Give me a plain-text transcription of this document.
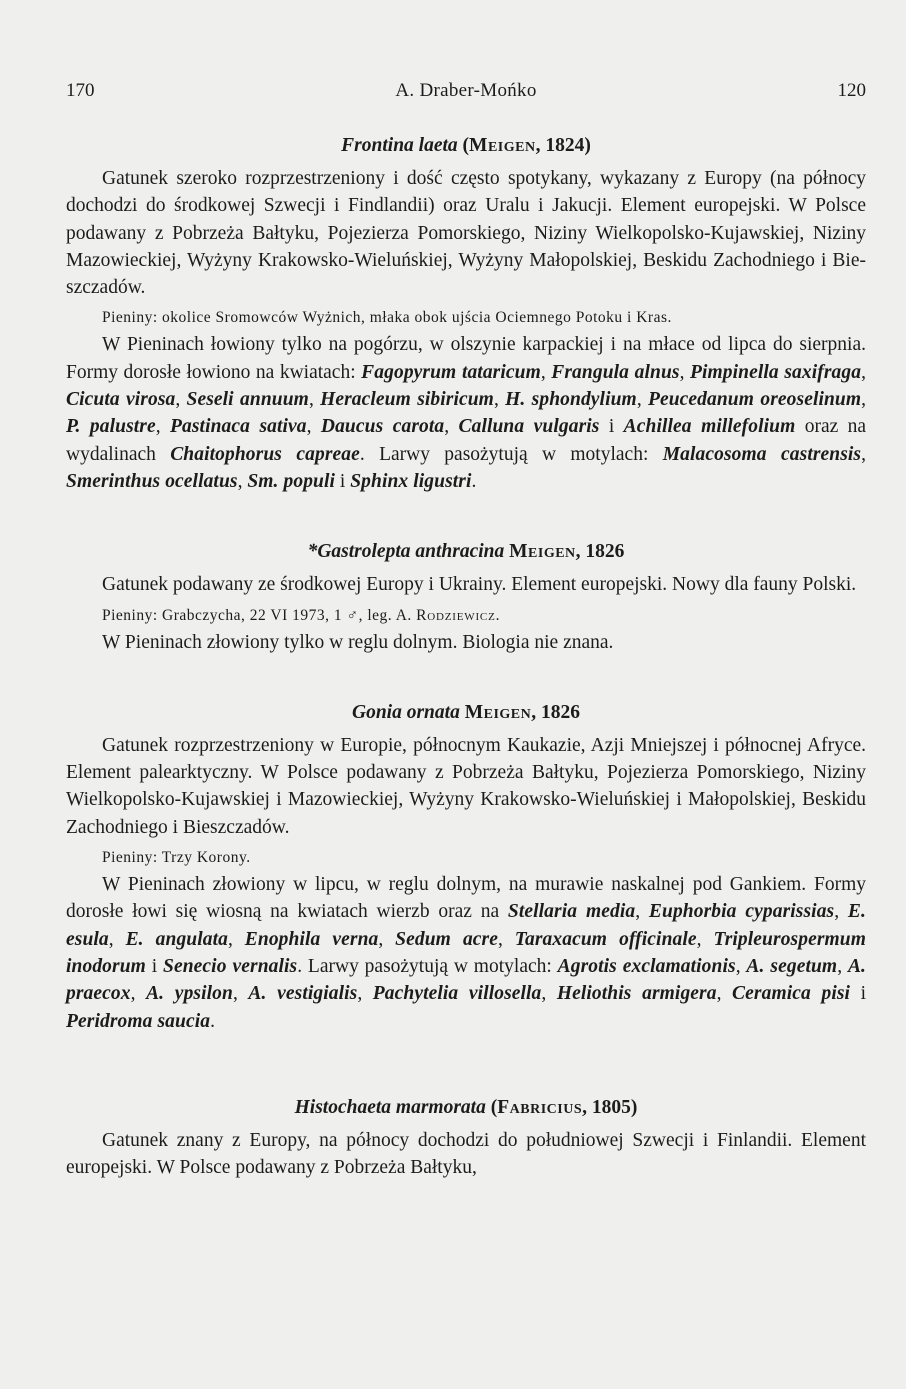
170	A. Draber-Mońko	120
Frontina laeta (Meigen, 1824)

Gatunek szeroko rozprzestrzeniony i dość często spotykany, wykazany z Europy (na północy dochodzi do środkowej Szwecji i Findlandii) oraz Uralu i Jakucji. Element europejski. W Polsce podawany z Pobrzeża Bałtyku, Pojezierza Pomorskiego, Niziny Wielkopolsko-Kujawskiej, Niziny Mazowieckiej, Wyżyny Krakowsko-Wieluńskiej, Wyżyny Małopolskiej, Beskidu Zachodniego i Bieszczadów.

Pieniny: okolice Sromowców Wyżnich, młaka obok ujścia Ociemnego Potoku i Kras.

W Pieninach łowiony tylko na pogórzu, w olszynie karpackiej i na młace od lipca do sierpnia. Formy dorosłe łowiono na kwiatach: Fagopyrum tataricum, Frangula alnus, Pimpinella saxifraga, Cicuta virosa, Seseli annuum, Heracleum sibiricum, H. sphondylium, Peucedanum oreoselinum, P. palustre, Pastinaca sativa, Daucus carota, Calluna vulgaris i Achillea millefolium oraz na wydalinach Chaitophorus capreae. Larwy pasożytują w motylach: Malacosoma castrensis, Smerinthus ocellatus, Sm. populi i Sphinx ligustri.

*Gastrolepta anthracina Meigen, 1826

Gatunek podawany ze środkowej Europy i Ukrainy. Element europejski. Nowy dla fauny Polski.

Pieniny: Grabczycha, 22 VI 1973, 1 ♂, leg. A. Rodziewicz.

W Pieninach złowiony tylko w reglu dolnym. Biologia nie znana.

Gonia ornata Meigen, 1826

Gatunek rozprzestrzeniony w Europie, północnym Kaukazie, Azji Mniejszej i północnej Afryce. Element palearktyczny. W Polsce podawany z Pobrzeża Bałtyku, Pojezierza Pomorskiego, Niziny Wielkopolsko-Kujawskiej i Mazowieckiej, Wyżyny Krakowsko-Wieluńskiej i Małopolskiej, Beskidu Zachodniego i Bieszczadów.

Pieniny: Trzy Korony.

W Pieninach złowiony w lipcu, w reglu dolnym, na murawie naskalnej pod Gankiem. Formy dorosłe łowi się wiosną na kwiatach wierzb oraz na Stellaria media, Euphorbia cyparissias, E. esula, E. angulata, Enophila verna, Sedum acre, Taraxacum officinale, Tripleurospermum inodorum i Senecio vernalis. Larwy pasożytują w motylach: Agrotis exclamationis, A. segetum, A. praecox, A. ypsilon, A. vestigialis, Pachytelia villosella, Heliothis armigera, Ceramica pisi i Peridroma saucia.

Histochaeta marmorata (Fabricius, 1805)

Gatunek znany z Europy, na północy dochodzi do południowej Szwecji i Finlandii. Element europejski. W Polsce podawany z Pobrzeża Bałtyku,
